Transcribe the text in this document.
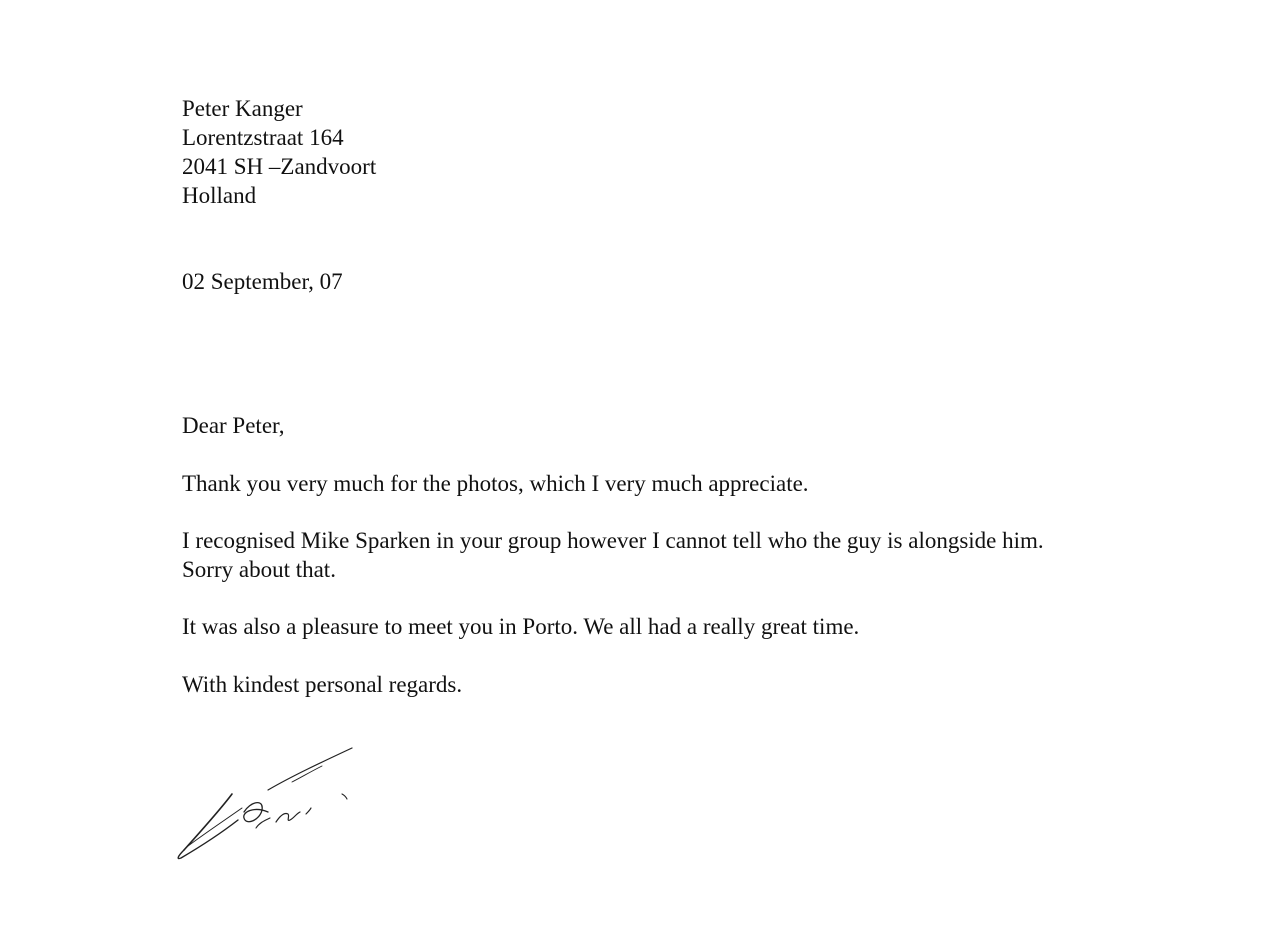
Peter Kanger
Lorentzstraat 164
2041 SH –Zandvoort
Holland
02 September, 07
Dear Peter,
Thank you very much for the photos, which I very much appreciate.
I recognised Mike Sparken in your group however I cannot tell who the guy is alongside him. Sorry about that.
It was also a pleasure to meet you in Porto. We all had a really great time.
With kindest personal regards.
